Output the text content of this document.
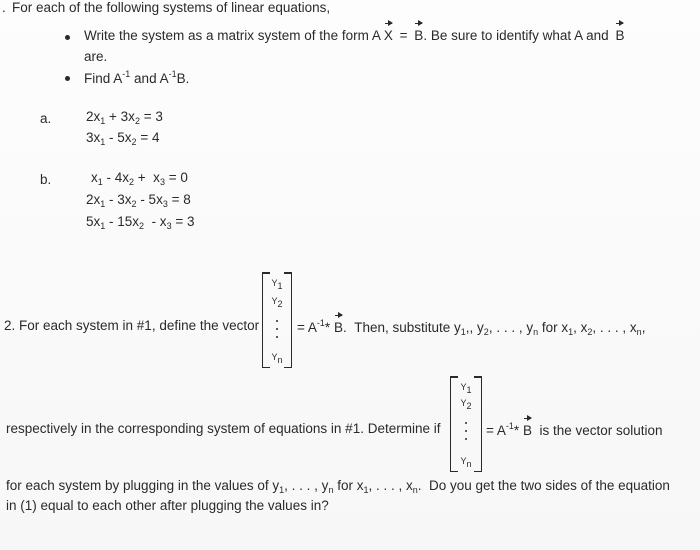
. For each of the following systems of linear equations,
Write the system as a matrix system of the form A X = B. Be sure to identify what A and B
are.
Find $A^{-1}$ and $A^{-1}B$.
a.	$2x_1 + 3x_2 = 3$
$3x_1 - 5x_2 = 4$
b.	$x_1 - 4x_2 + x_3 = 0$
$2x_1 - 3x_2 - 5x_3 = 8$
$5x_1 - 15x_2 - x_3 = 3$
2. For each system in #1, define the vector
$Y_1$
$Y_2$
$Y_n$
= $A^{-1}*$ B.  Then, substitute $y_1$,, $y_2$, . . . , $y_n$ for $x_1$, $x_2$, . . . , $x_n$,
respectively in the corresponding system of equations in #1. Determine if
$Y_1$
$Y_2$
$Y_n$
= $A^{-1}*$ B is the vector solution
for each system by plugging in the values of $y_1$, . . . , $y_n$ for $x_1$, . . . , $x_n$.  Do you get the two sides of the equation
in (1) equal to each other after plugging the values in?
